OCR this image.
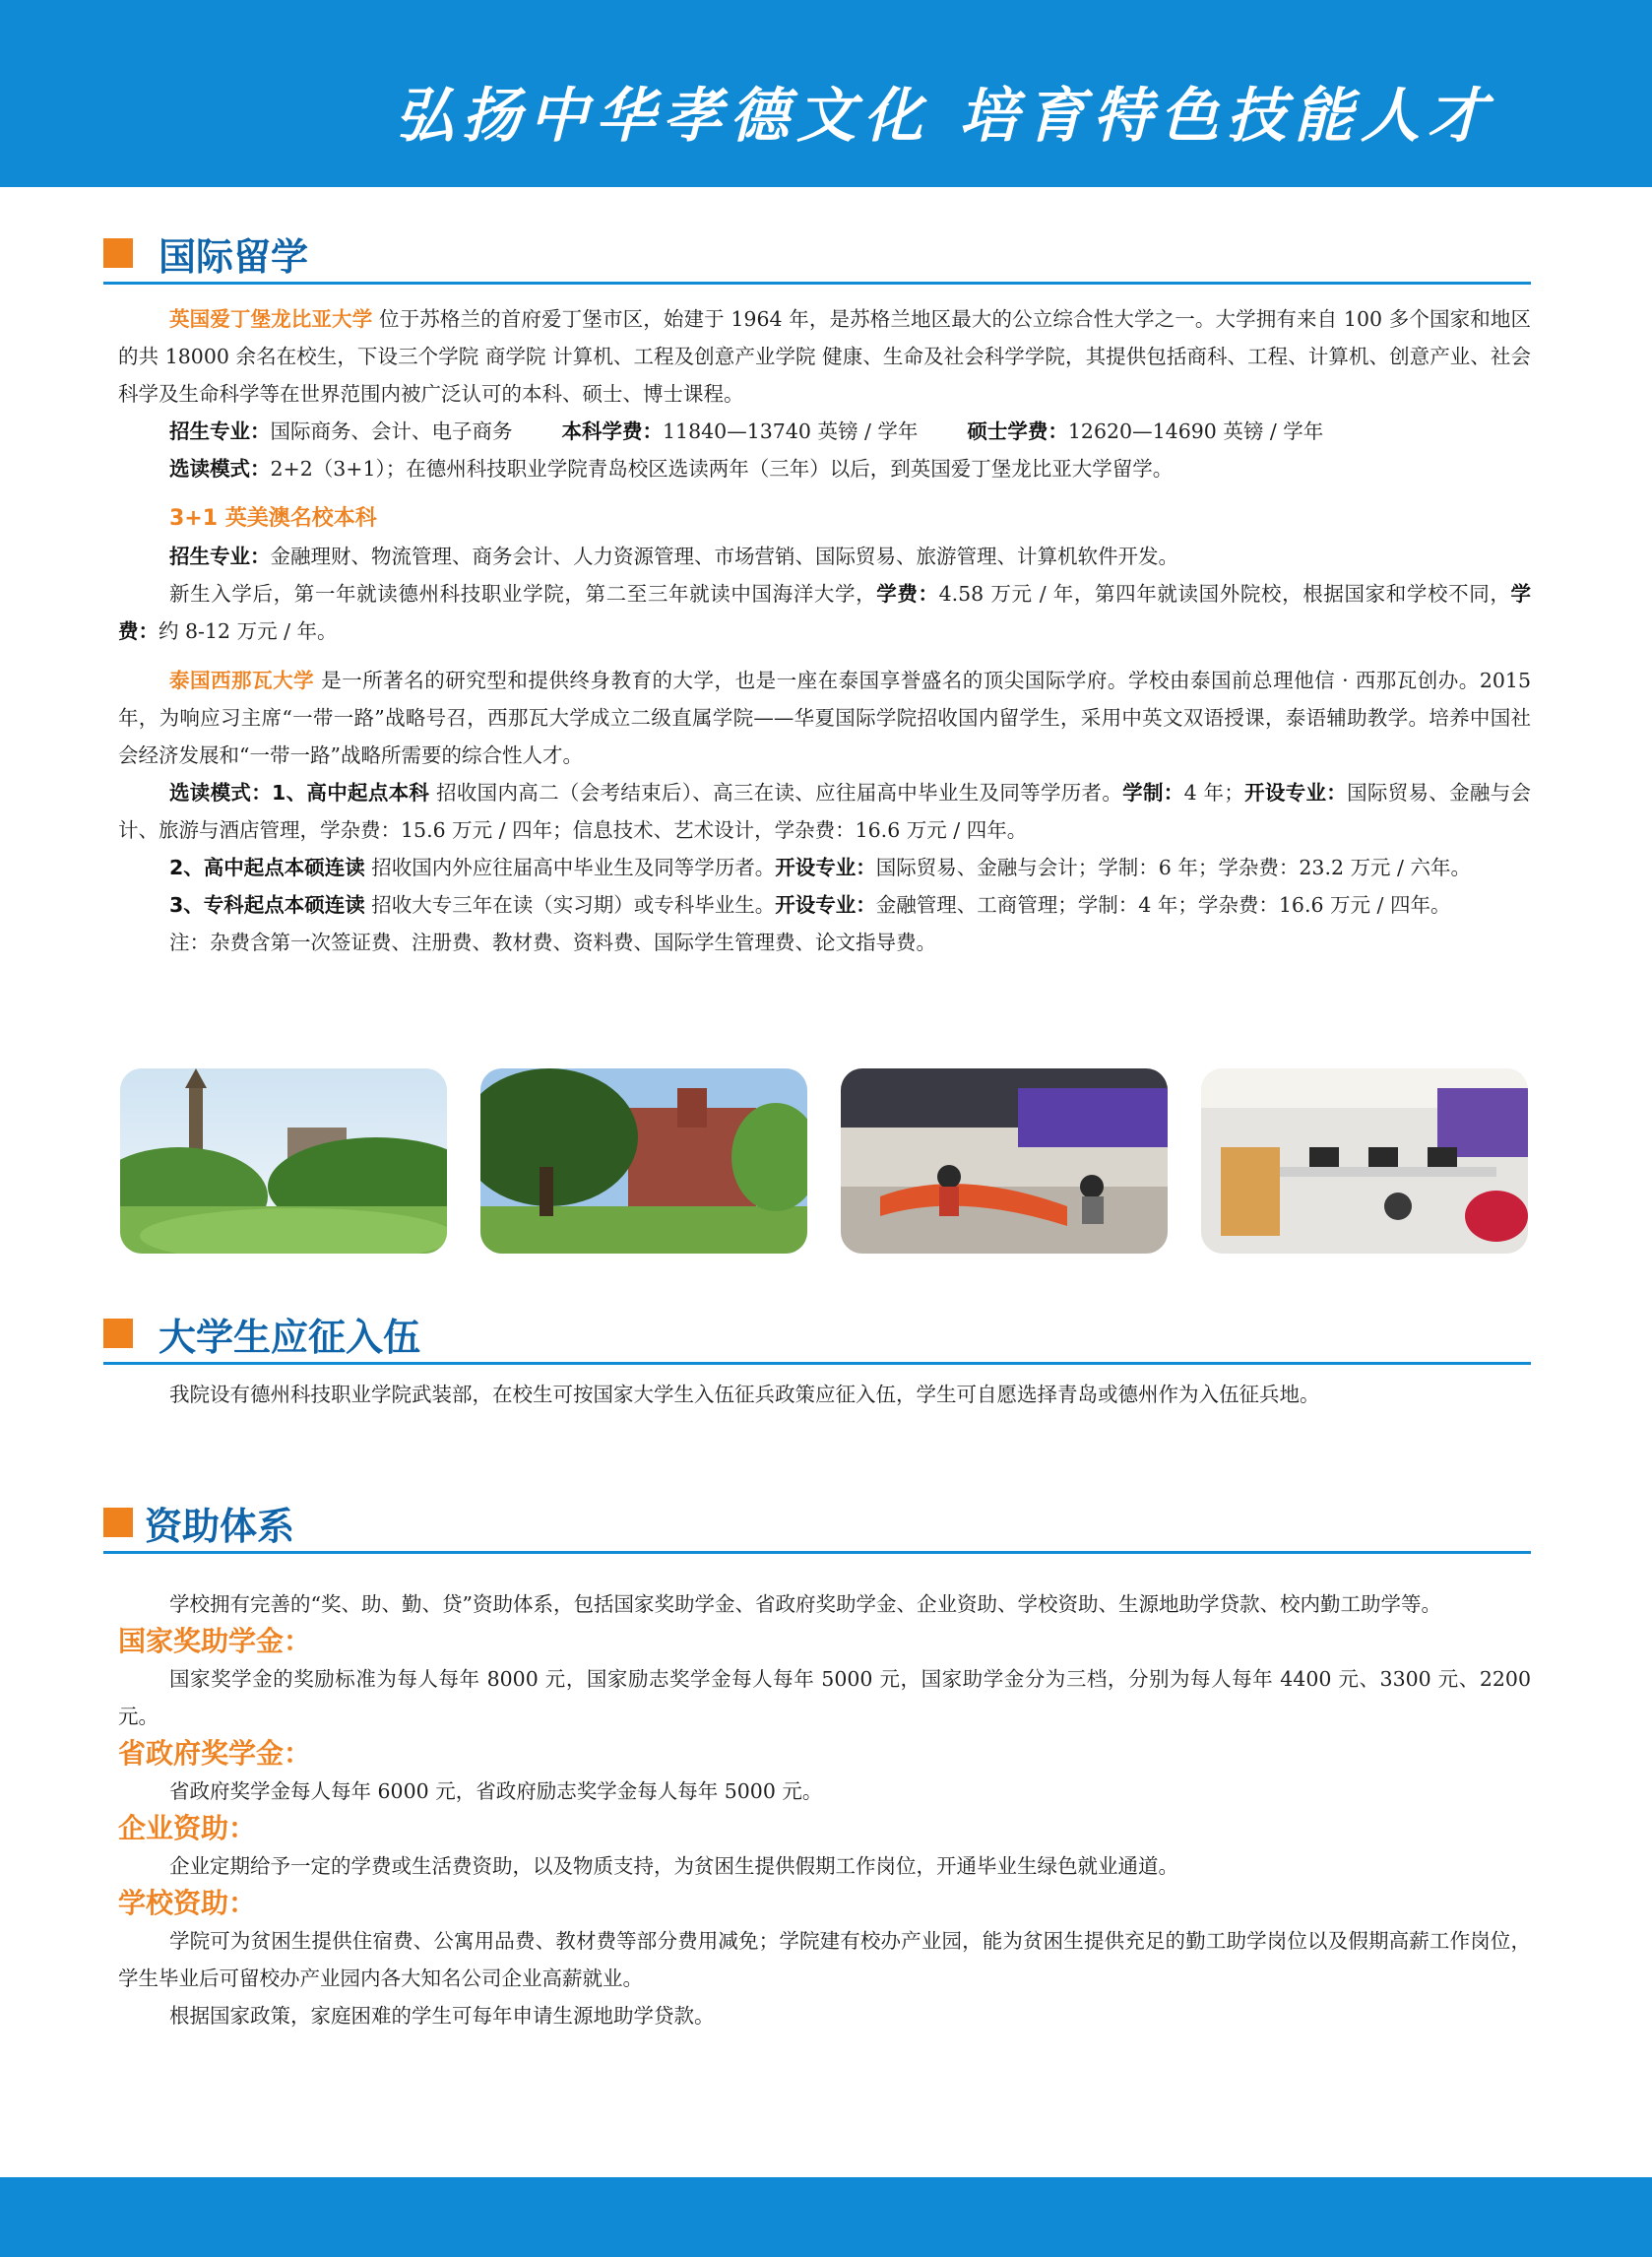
弘扬中华孝德文化 培育特色技能人才
国际留学

英国爱丁堡龙比亚大学 位于苏格兰的首府爱丁堡市区，始建于 1964 年，是苏格兰地区最大的公立综合性大学之一。大学拥有来自 100 多个国家和地区的共 18000 余名在校生，下设三个学院 商学院 计算机、工程及创意产业学院 健康、生命及社会科学学院，其提供包括商科、工程、计算机、创意产业、社会科学及生命科学等在世界范围内被广泛认可的本科、硕士、博士课程。

招生专业：国际商务、会计、电子商务 本科学费：11840—13740 英镑 / 学年 硕士学费：12620—14690 英镑 / 学年

选读模式：2+2（3+1）；在德州科技职业学院青岛校区选读两年（三年）以后，到英国爱丁堡龙比亚大学留学。

3+1 英美澳名校本科

招生专业：金融理财、物流管理、商务会计、人力资源管理、市场营销、国际贸易、旅游管理、计算机软件开发。

新生入学后，第一年就读德州科技职业学院，第二至三年就读中国海洋大学，学费：4.58 万元 / 年，第四年就读国外院校，根据国家和学校不同，学费：约 8-12 万元 / 年。

泰国西那瓦大学 是一所著名的研究型和提供终身教育的大学，也是一座在泰国享誉盛名的顶尖国际学府。学校由泰国前总理他信 · 西那瓦创办。2015 年，为响应习主席“一带一路”战略号召，西那瓦大学成立二级直属学院——华夏国际学院招收国内留学生，采用中英文双语授课，泰语辅助教学。培养中国社会经济发展和“一带一路”战略所需要的综合性人才。

选读模式：1、高中起点本科 招收国内高二（会考结束后）、高三在读、应往届高中毕业生及同等学历者。学制：4 年；开设专业：国际贸易、金融与会计、旅游与酒店管理，学杂费：15.6 万元 / 四年；信息技术、艺术设计，学杂费：16.6 万元 / 四年。

2、高中起点本硕连读 招收国内外应往届高中毕业生及同等学历者。开设专业：国际贸易、金融与会计；学制：6 年；学杂费：23.2 万元 / 六年。

3、专科起点本硕连读 招收大专三年在读（实习期）或专科毕业生。开设专业：金融管理、工商管理；学制：4 年；学杂费：16.6 万元 / 四年。

注：杂费含第一次签证费、注册费、教材费、资料费、国际学生管理费、论文指导费。

大学生应征入伍

我院设有德州科技职业学院武装部，在校生可按国家大学生入伍征兵政策应征入伍，学生可自愿选择青岛或德州作为入伍征兵地。

资助体系

学校拥有完善的“奖、助、勤、贷”资助体系，包括国家奖助学金、省政府奖助学金、企业资助、学校资助、生源地助学贷款、校内勤工助学等。

国家奖助学金：

国家奖学金的奖励标准为每人每年 8000 元，国家励志奖学金每人每年 5000 元，国家助学金分为三档，分别为每人每年 4400 元、3300 元、2200 元。

省政府奖学金：

省政府奖学金每人每年 6000 元，省政府励志奖学金每人每年 5000 元。

企业资助：

企业定期给予一定的学费或生活费资助，以及物质支持，为贫困生提供假期工作岗位，开通毕业生绿色就业通道。

学校资助：

学院可为贫困生提供住宿费、公寓用品费、教材费等部分费用减免；学院建有校办产业园，能为贫困生提供充足的勤工助学岗位以及假期高薪工作岗位，学生毕业后可留校办产业园内各大知名公司企业高薪就业。

根据国家政策，家庭困难的学生可每年申请生源地助学贷款。
